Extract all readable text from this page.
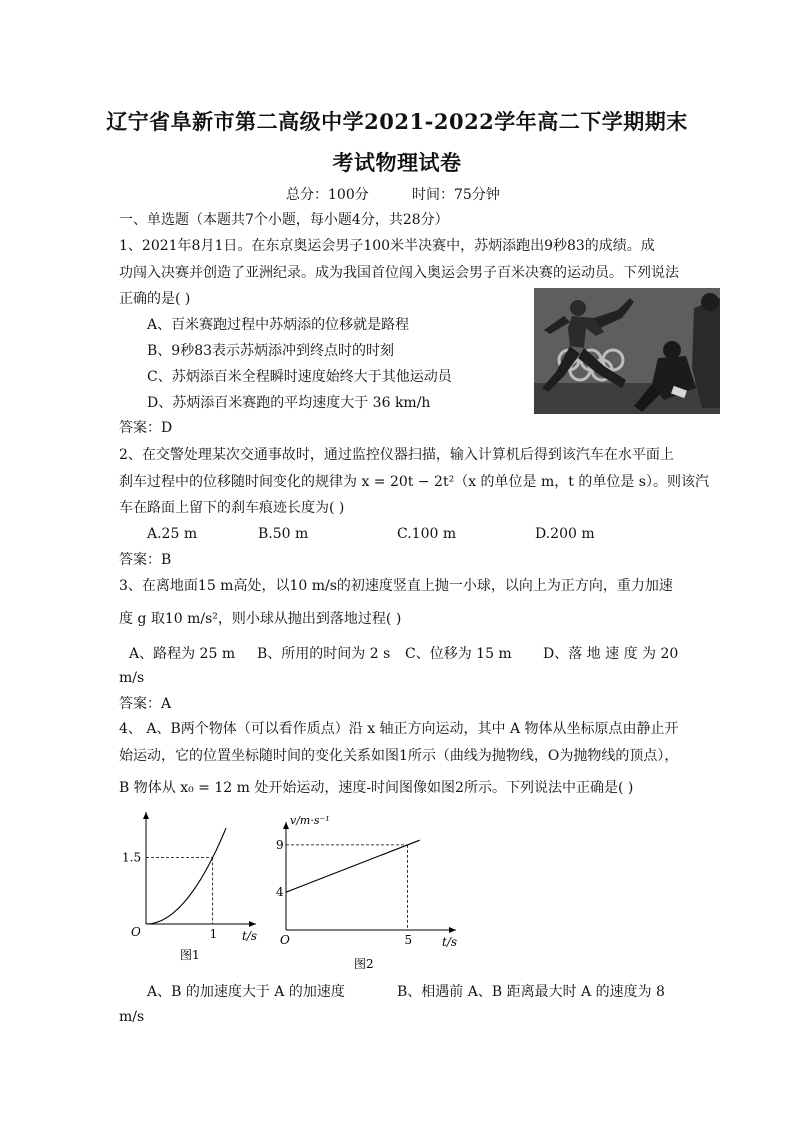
辽宁省阜新市第二高级中学2021-2022学年高二下学期期末
考试物理试卷
总分：100分	时间：75分钟
一、单选题（本题共7个小题，每小题4分，共28分）
1、2021年8月1日。在东京奥运会男子100米半决赛中，苏炳添跑出9秒83的成绩。成
功闯入决赛并创造了亚洲纪录。成为我国首位闯入奥运会男子百米决赛的运动员。下列说法
正确的是( )
A、百米赛跑过程中苏炳添的位移就是路程
B、9秒83表示苏炳添冲到终点时的时刻
C、苏炳添百米全程瞬时速度始终大于其他运动员
D、苏炳添百米赛跑的平均速度大于 36 km/h
答案：D
2、在交警处理某次交通事故时，通过监控仪器扫描，输入计算机后得到该汽车在水平面上
刹车过程中的位移随时间变化的规律为 x = 20t − 2t²（x 的单位是 m，t 的单位是 s）。则该汽
车在路面上留下的刹车痕迹长度为( )
A.25 m	B.50 m	C.100 m	D.200 m
答案：B
3、在离地面15 m高处，以10 m/s的初速度竖直上抛一小球，以向上为正方向，重力加速
度 g 取10 m/s²，则小球从抛出到落地过程( )
A、路程为 25 m B、所用的时间为 2 s C、位移为 15 m D、落 地 速 度 为 20
m/s
答案：A
4、 A、B两个物体（可以看作质点）沿 x 轴正方向运动，其中 A 物体从坐标原点由静止开
始运动，它的位置坐标随时间的变化关系如图1所示（曲线为抛物线，O为抛物线的顶点），
B 物体从 x₀ = 12 m 处开始运动，速度-时间图像如图2所示。下列说法中正确是( )
1.5
1
O	t/s
图1
4
9
5
O	t/s
v/m·s⁻¹
图2
A、B 的加速度大于 A 的加速度	B、相遇前 A、B 距离最大时 A 的速度为 8
m/s
